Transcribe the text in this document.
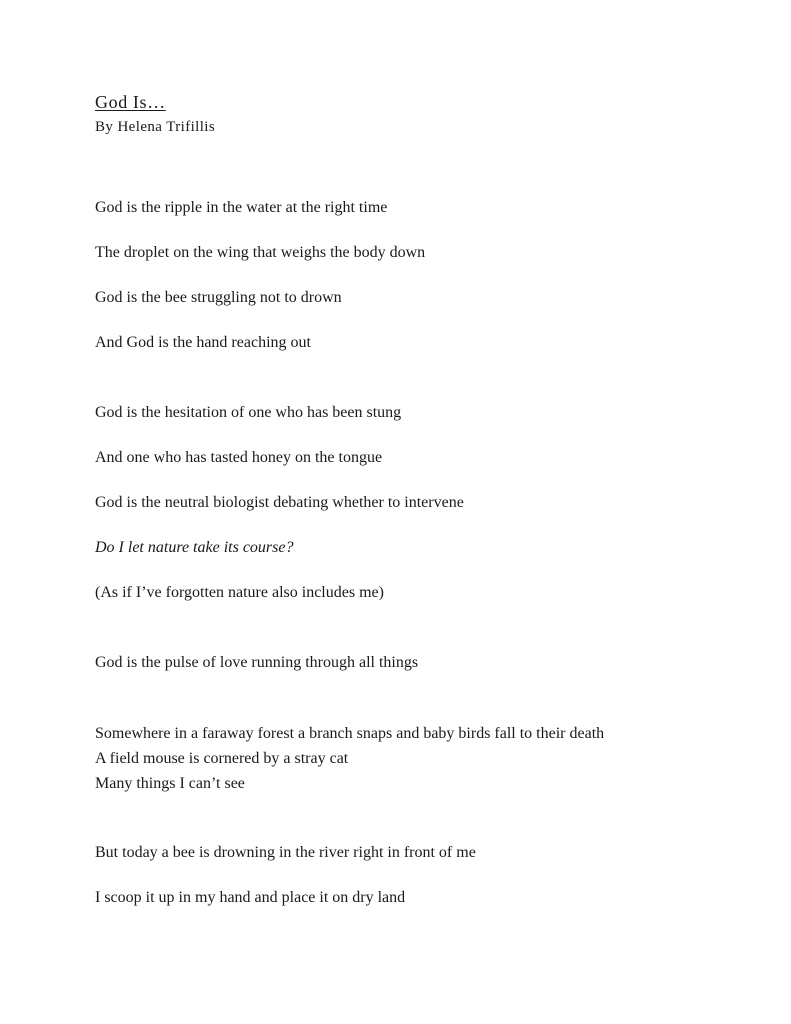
God Is…

By Helena Trifillis

God is the ripple in the water at the right time

The droplet on the wing that weighs the body down

God is the bee struggling not to drown

And God is the hand reaching out

God is the hesitation of one who has been stung

And one who has tasted honey on the tongue

God is the neutral biologist debating whether to intervene

Do I let nature take its course?

(As if I’ve forgotten nature also includes me)

God is the pulse of love running through all things

Somewhere in a faraway forest a branch snaps and baby birds fall to their death

A field mouse is cornered by a stray cat

Many things I can’t see

But today a bee is drowning in the river right in front of me

I scoop it up in my hand and place it on dry land
